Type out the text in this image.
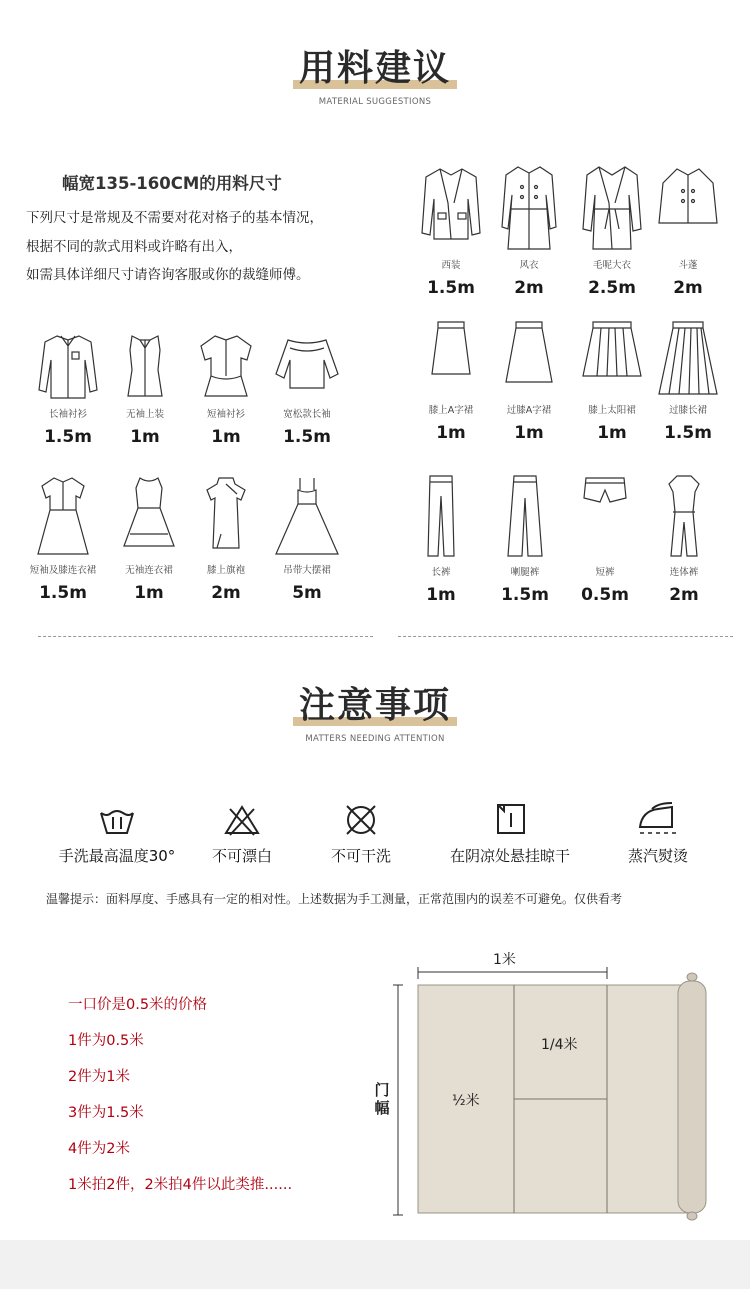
用料建议
MATERIAL SUGGESTIONS
幅宽135-160CM的用料尺寸
下列尺寸是常规及不需要对花对格子的基本情况，
根据不同的款式用料或许略有出入，
如需具体详细尺寸请咨询客服或你的裁缝师傅。
长袖衬衫
1.5m
无袖上装
1m
短袖衬衫
1m
宽松款长袖
1.5m
短袖及膝连衣裙
1.5m
无袖连衣裙
1m
膝上旗袍
2m
吊带大摆裙
5m
西装
1.5m
风衣
2m
毛呢大衣
2.5m
斗蓬
2m
膝上A字裙
1m
过膝A字裙
1m
膝上太阳裙
1m
过膝长裙
1.5m
长裤
1m
喇腿裤
1.5m
短裤
0.5m
连体裤
2m
注意事项
MATTERS NEEDING ATTENTION
手洗最高温度30°	不可漂白	不可干洗	在阴凉处悬挂晾干	蒸汽熨烫
温馨提示：面料厚度、手感具有一定的相对性。上述数据为手工测量，正常范围内的误差不可避免。仅供看考
一口价是0.5米的价格
1件为0.5米
2件为1米
3件为1.5米
4件为2米
1米拍2件，2米拍4件以此类推......
1米
门幅
1/4米
½米
